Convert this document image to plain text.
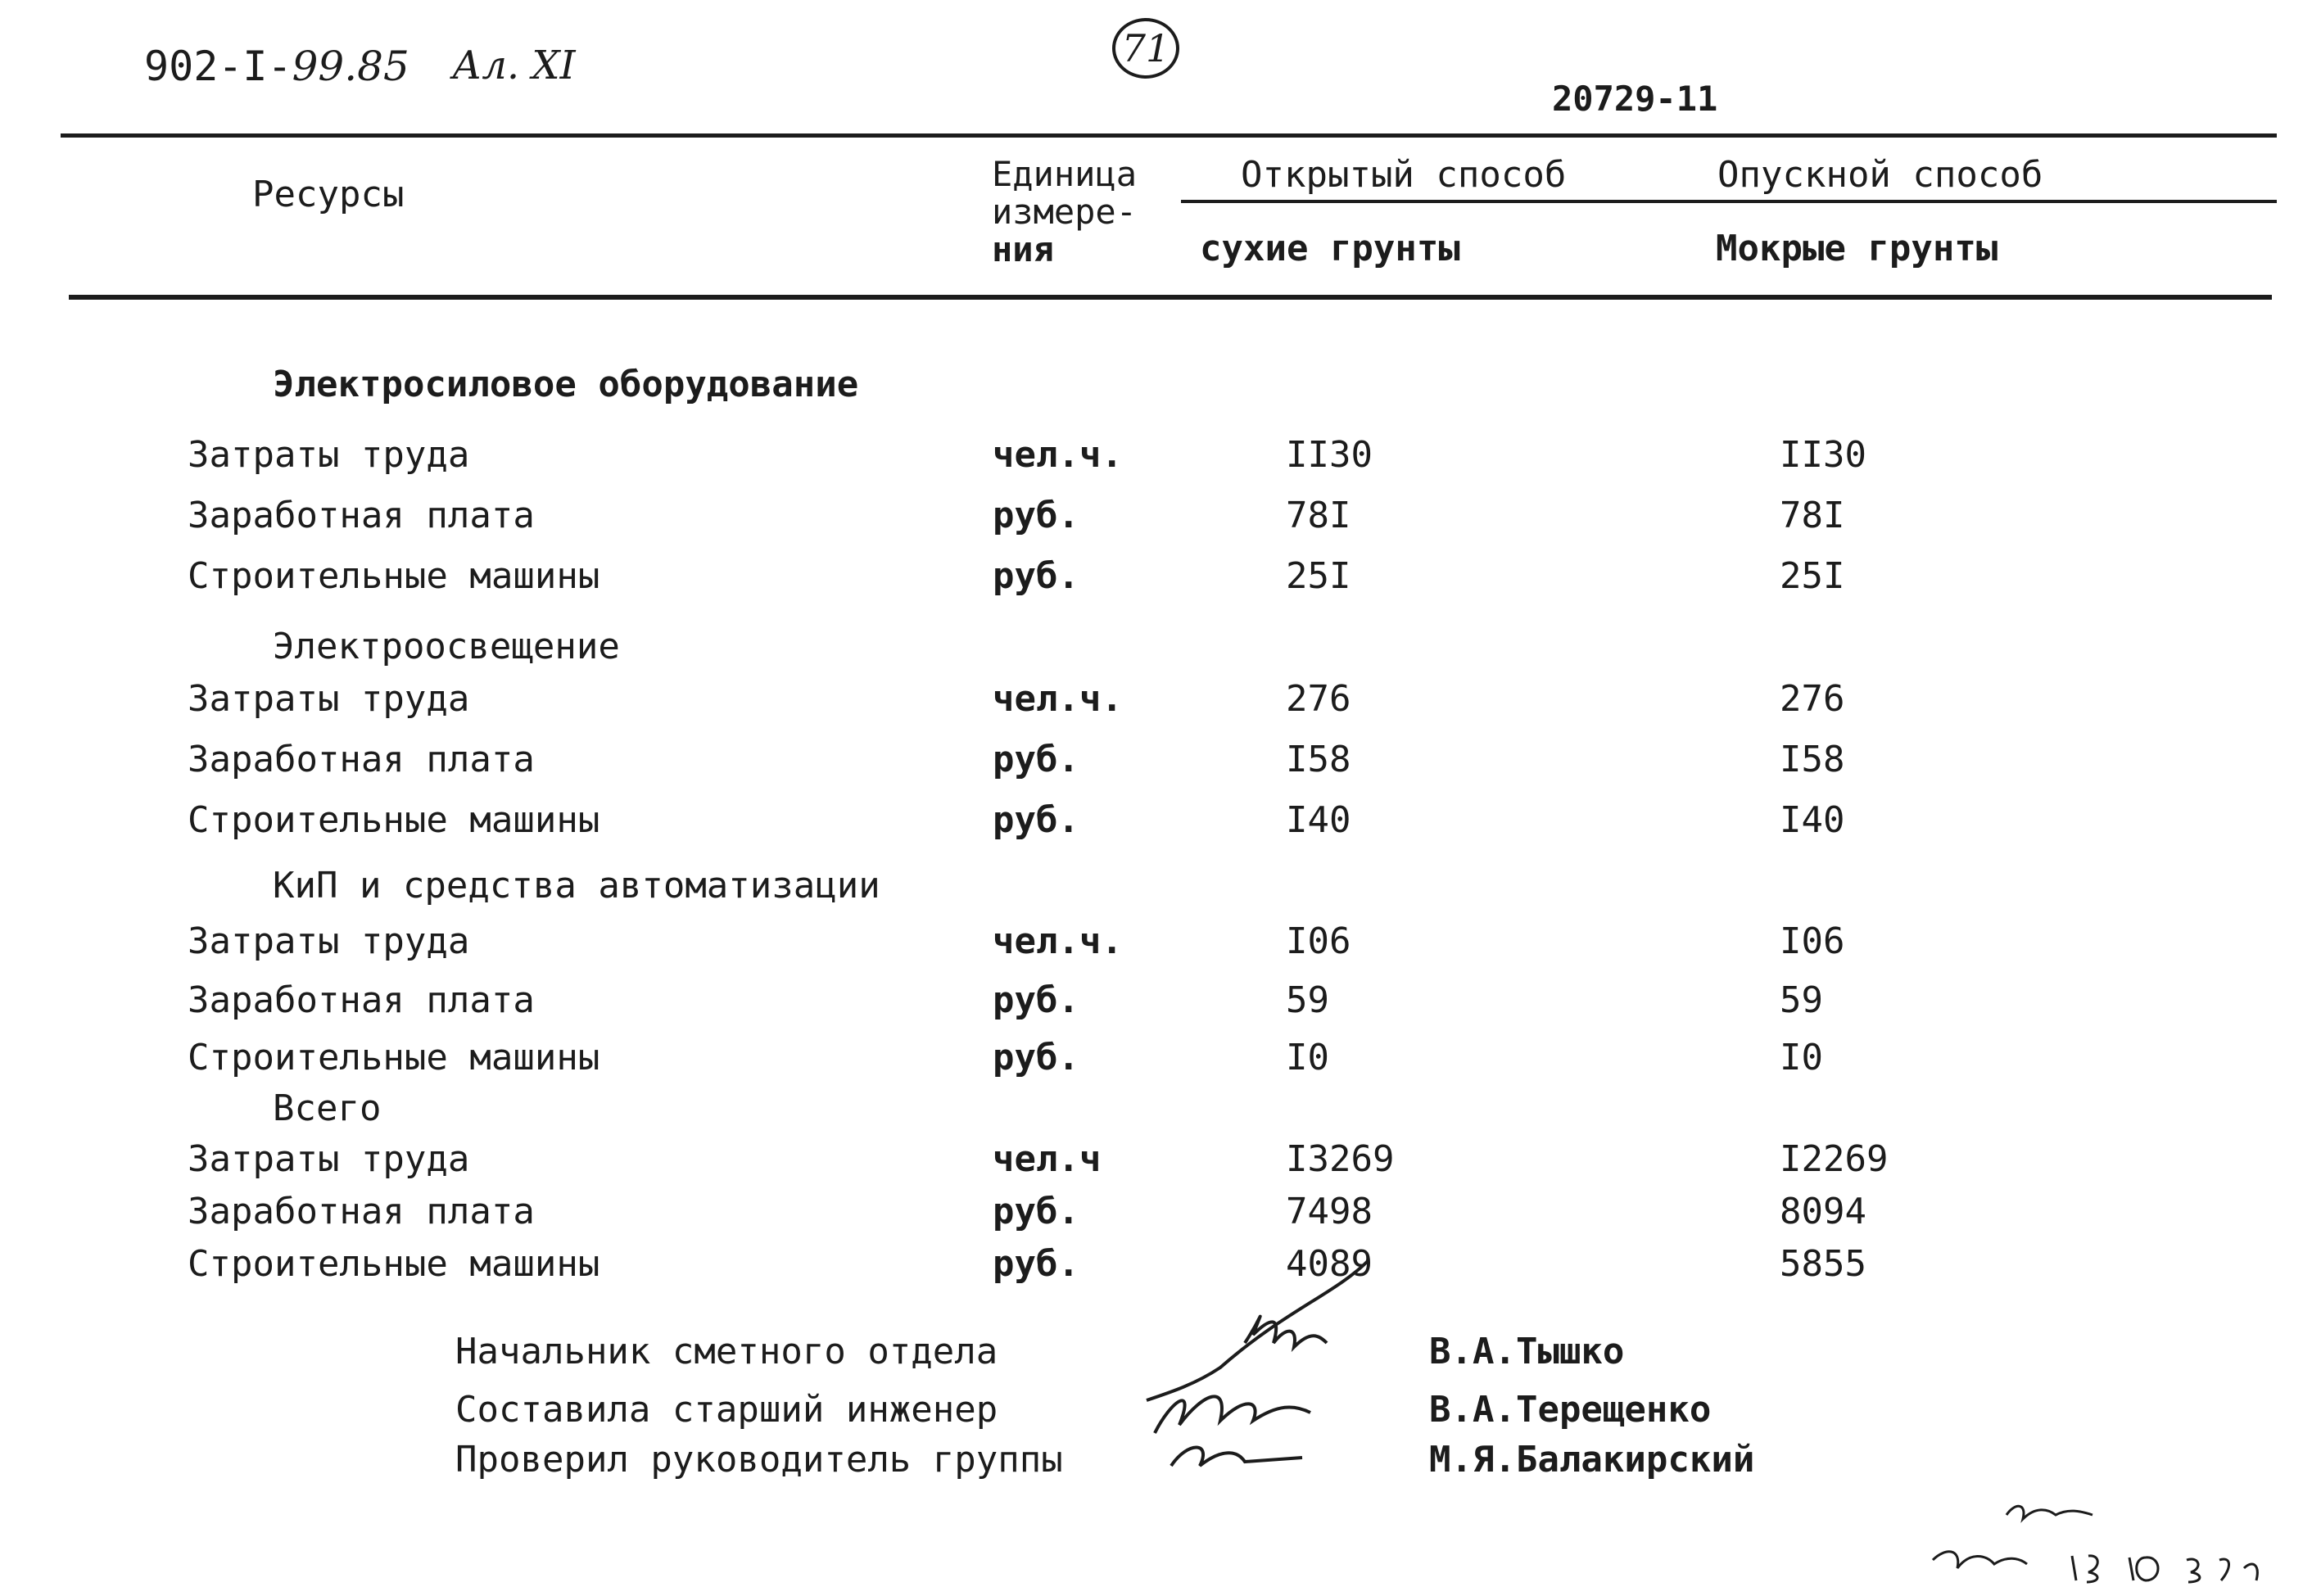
902-I-99.85 Ал. XI	71
20729-11
Ресурсы	Единица
измере-
ния
Открытый способ
сухие грунты
Опускной способ
Мокрые грунты
Электросиловое оборудование
Затраты труда	чел.ч.	II30	II30
Заработная плата	руб.	78I	78I
Строительные машины	руб.	25I	25I
Электроосвещение
Затраты труда	чел.ч.	276	276
Заработная плата	руб.	I58	I58
Строительные машины	руб.	I40	I40
КиП и средства автоматизации
Затраты труда	чел.ч.	I06	I06
Заработная плата	руб.	59	59
Строительные машины	руб.	I0	I0
Всего
Затраты труда	чел.ч	I3269	I2269
Заработная плата	руб.	7498	8094
Строительные машины	руб.	4089	5855
Начальник сметного отдела	В.А.Тышко
Составила старший инженер	В.А.Терещенко
Проверил руководитель группы	М.Я.Балакирский
